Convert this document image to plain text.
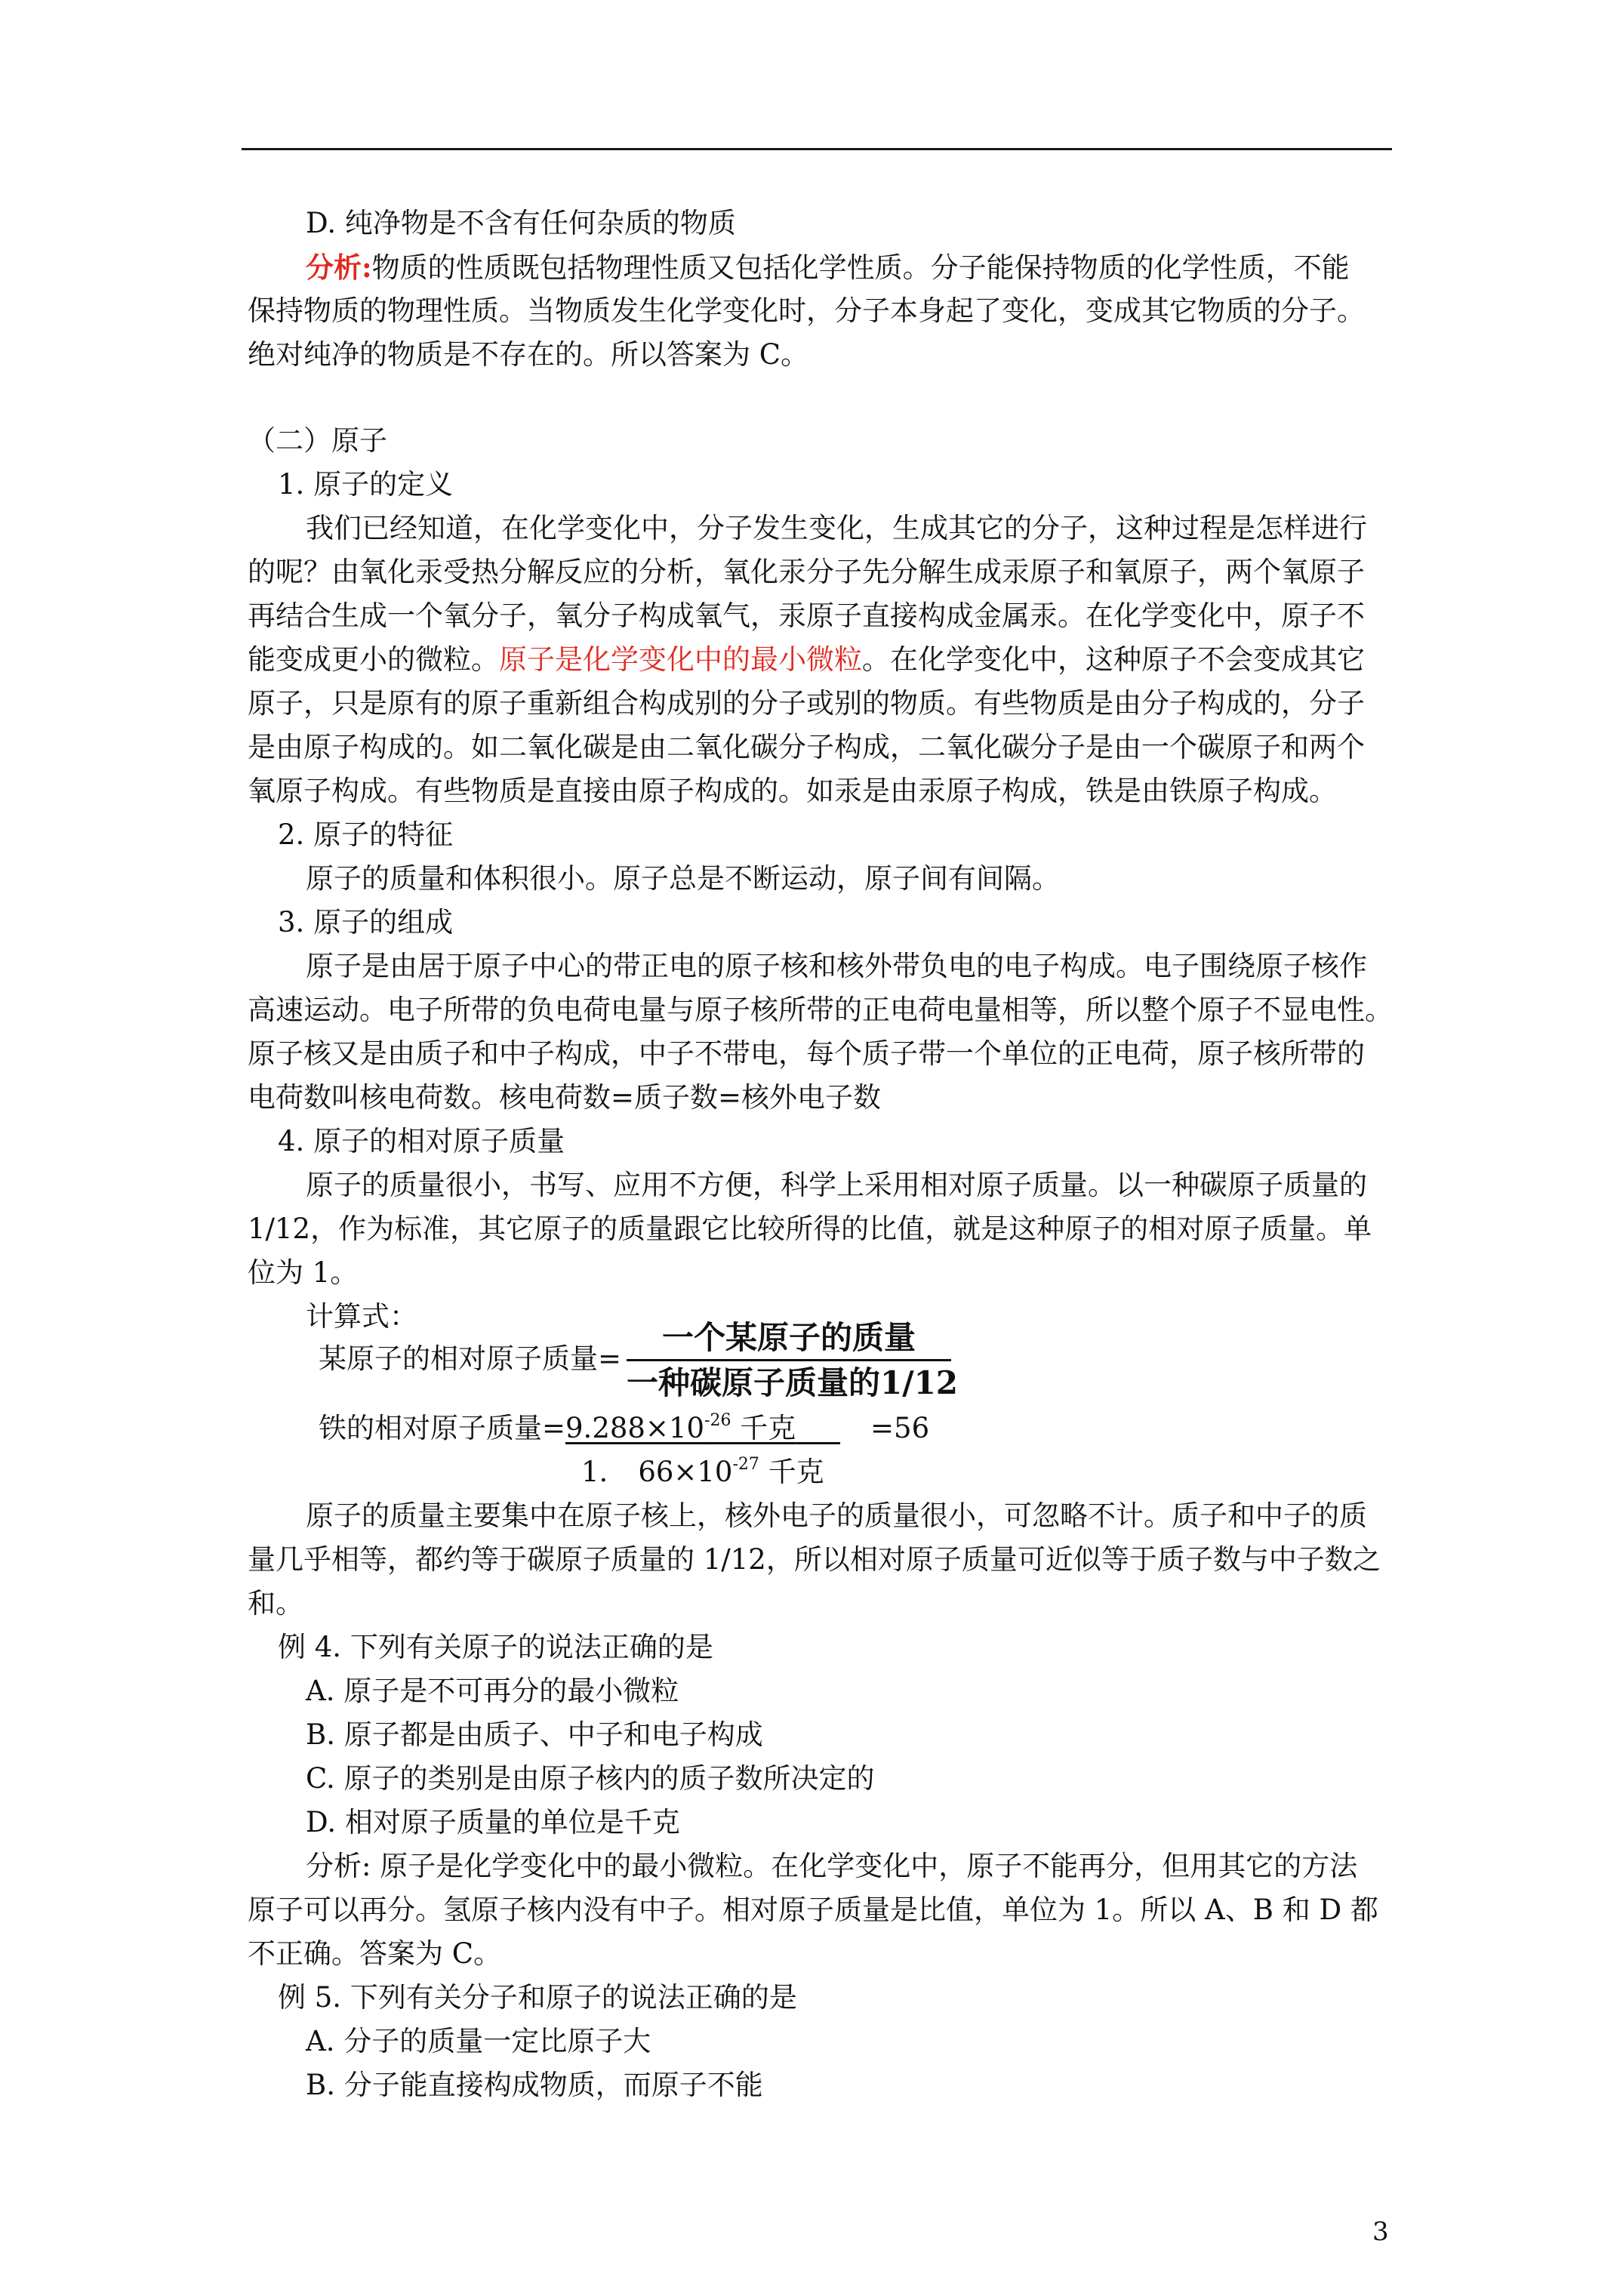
D. 纯净物是不含有任何杂质的物质
分析:物质的性质既包括物理性质又包括化学性质。分子能保持物质的化学性质，不能
保持物质的物理性质。当物质发生化学变化时，分子本身起了变化，变成其它物质的分子。
绝对纯净的物质是不存在的。所以答案为 C。
（二）原子
1. 原子的定义
我们已经知道，在化学变化中，分子发生变化，生成其它的分子，这种过程是怎样进行
的呢？由氧化汞受热分解反应的分析，氧化汞分子先分解生成汞原子和氧原子，两个氧原子
再结合生成一个氧分子，氧分子构成氧气，汞原子直接构成金属汞。在化学变化中，原子不
能变成更小的微粒。原子是化学变化中的最小微粒。在化学变化中，这种原子不会变成其它
原子，只是原有的原子重新组合构成别的分子或别的物质。有些物质是由分子构成的，分子
是由原子构成的。如二氧化碳是由二氧化碳分子构成，二氧化碳分子是由一个碳原子和两个
氧原子构成。有些物质是直接由原子构成的。如汞是由汞原子构成，铁是由铁原子构成。
2. 原子的特征
原子的质量和体积很小。原子总是不断运动，原子间有间隔。
3. 原子的组成
原子是由居于原子中心的带正电的原子核和核外带负电的电子构成。电子围绕原子核作
高速运动。电子所带的负电荷电量与原子核所带的正电荷电量相等，所以整个原子不显电性。
原子核又是由质子和中子构成，中子不带电，每个质子带一个单位的正电荷，原子核所带的
电荷数叫核电荷数。核电荷数=质子数=核外电子数
4. 原子的相对原子质量
原子的质量很小，书写、应用不方便，科学上采用相对原子质量。以一种碳原子质量的
1/12，作为标准，其它原子的质量跟它比较所得的比值，就是这种原子的相对原子质量。单
位为 1。
计算式：
某原子的相对原子质量=
一个某原子的质量
一种碳原子质量的1/12
铁的相对原子质量$=9.288\times 10^{-26}$ 千克	=56
1. $66\times 10^{-27}$ 千克
原子的质量主要集中在原子核上，核外电子的质量很小，可忽略不计。质子和中子的质
量几乎相等，都约等于碳原子质量的 1/12，所以相对原子质量可近似等于质子数与中子数之
和。
例 4. 下列有关原子的说法正确的是
A. 原子是不可再分的最小微粒
B. 原子都是由质子、中子和电子构成
C. 原子的类别是由原子核内的质子数所决定的
D. 相对原子质量的单位是千克
分析: 原子是化学变化中的最小微粒。在化学变化中，原子不能再分，但用其它的方法
原子可以再分。氢原子核内没有中子。相对原子质量是比值，单位为 1。所以 A、B 和 D 都
不正确。答案为 C。
例 5. 下列有关分子和原子的说法正确的是
A. 分子的质量一定比原子大
B. 分子能直接构成物质，而原子不能
3
